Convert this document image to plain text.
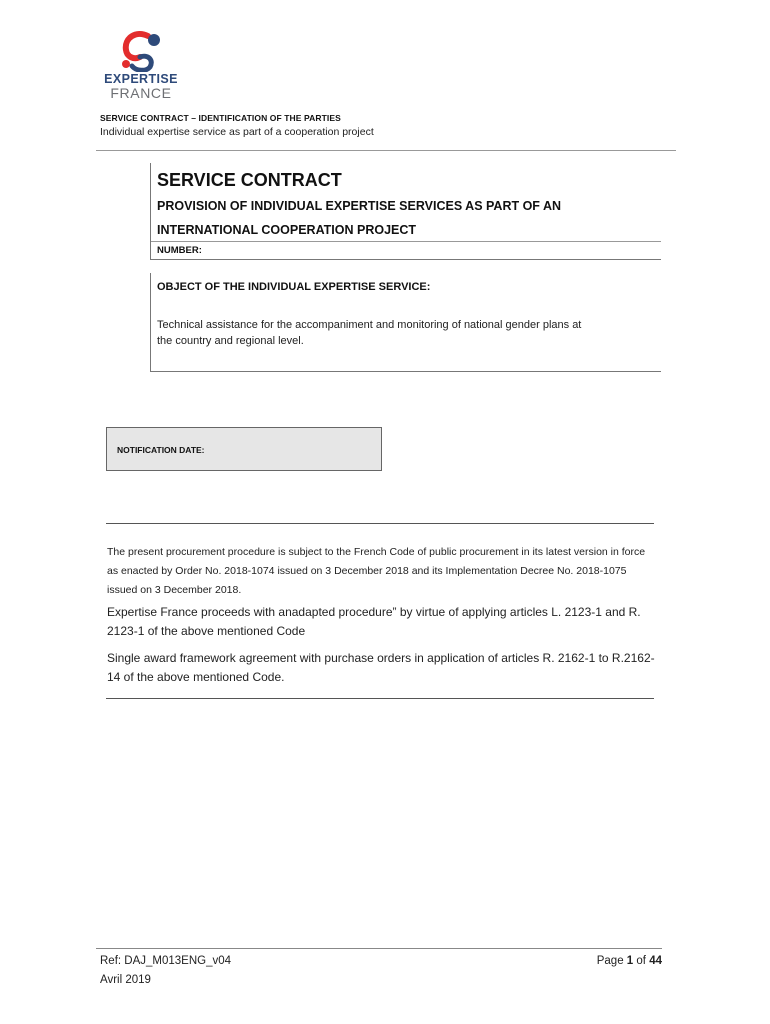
EXPERTISE
FRANCE
SERVICE CONTRACT – IDENTIFICATION OF THE PARTIES
Individual expertise service as part of a cooperation project
SERVICE CONTRACT
PROVISION OF INDIVIDUAL EXPERTISE SERVICES AS PART OF AN
INTERNATIONAL COOPERATION PROJECT
NUMBER:
OBJECT OF THE INDIVIDUAL EXPERTISE SERVICE:
Technical assistance for the accompaniment and monitoring of national gender plans at the country and regional level.
NOTIFICATION DATE:
The present procurement procedure is subject to the French Code of public procurement in its latest version in force as enacted by Order No. 2018-1074 issued on 3 December 2018 and its Implementation Decree No. 2018-1075 issued on 3 December 2018.
Expertise France proceeds with anadapted procedure” by virtue of applying articles L. 2123-1 and R. 2123-1 of the above mentioned Code
Single award framework agreement with purchase orders in application of articles R. 2162-1 to R.2162-14 of the above mentioned Code.
Ref: DAJ_M013ENG_v04
Avril 2019
Page 1 of 44
